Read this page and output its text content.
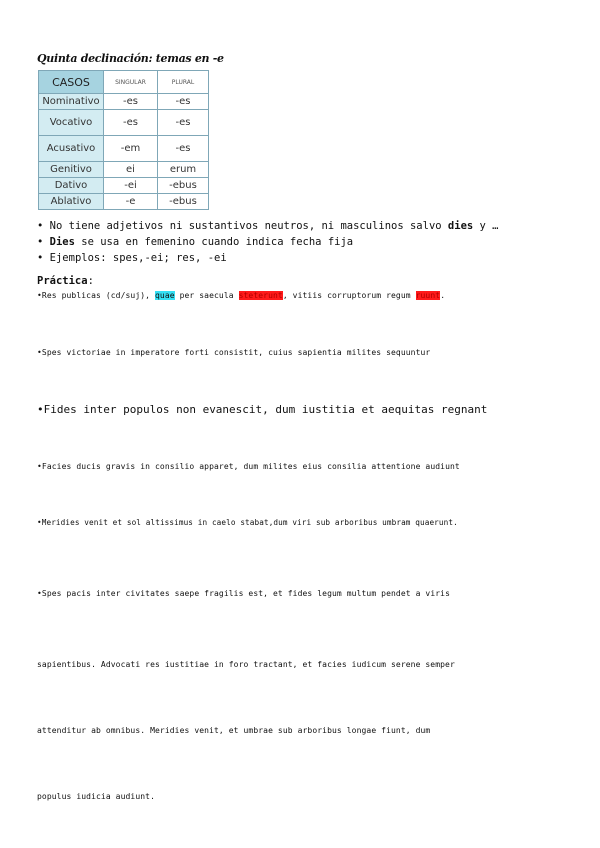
Quinta declinación: temas en -e
CASOS	SINGULAR	PLURAL
Nominativo	-es	-es
Vocativo	-es	-es
Acusativo	-em	-es
Genitivo	ei	erum
Dativo	-ei	-ebus
Ablativo	-e	-ebus
• No tiene adjetivos ni sustantivos neutros, ni masculinos salvo dies y …
• Dies se usa en femenino cuando indica fecha fija
• Ejemplos: spes,-ei; res, -ei
Práctica:
• Res publicas (cd/suj), quae per saecula steterunt, vitiis corruptorum regum ruunt.
• Spes victoriae in imperatore forti consistit, cuius sapientia milites sequuntur
• Fides inter populos non evanescit, dum iustitia et aequitas regnant
• Facies ducis gravis in consilio apparet, dum milites eius consilia attentione audiunt
• Meridies venit et sol altissimus in caelo stabat,dum viri sub arboribus umbram quaerunt.
• Spes pacis inter civitates saepe fragilis est, et fides legum multum pendet a viris
sapientibus. Advocati res iustitiae in foro tractant, et facies iudicum serene semper
attenditur ab omnibus. Meridies venit, et umbrae sub arboribus longae fiunt, dum
populus iudicia audiunt.
